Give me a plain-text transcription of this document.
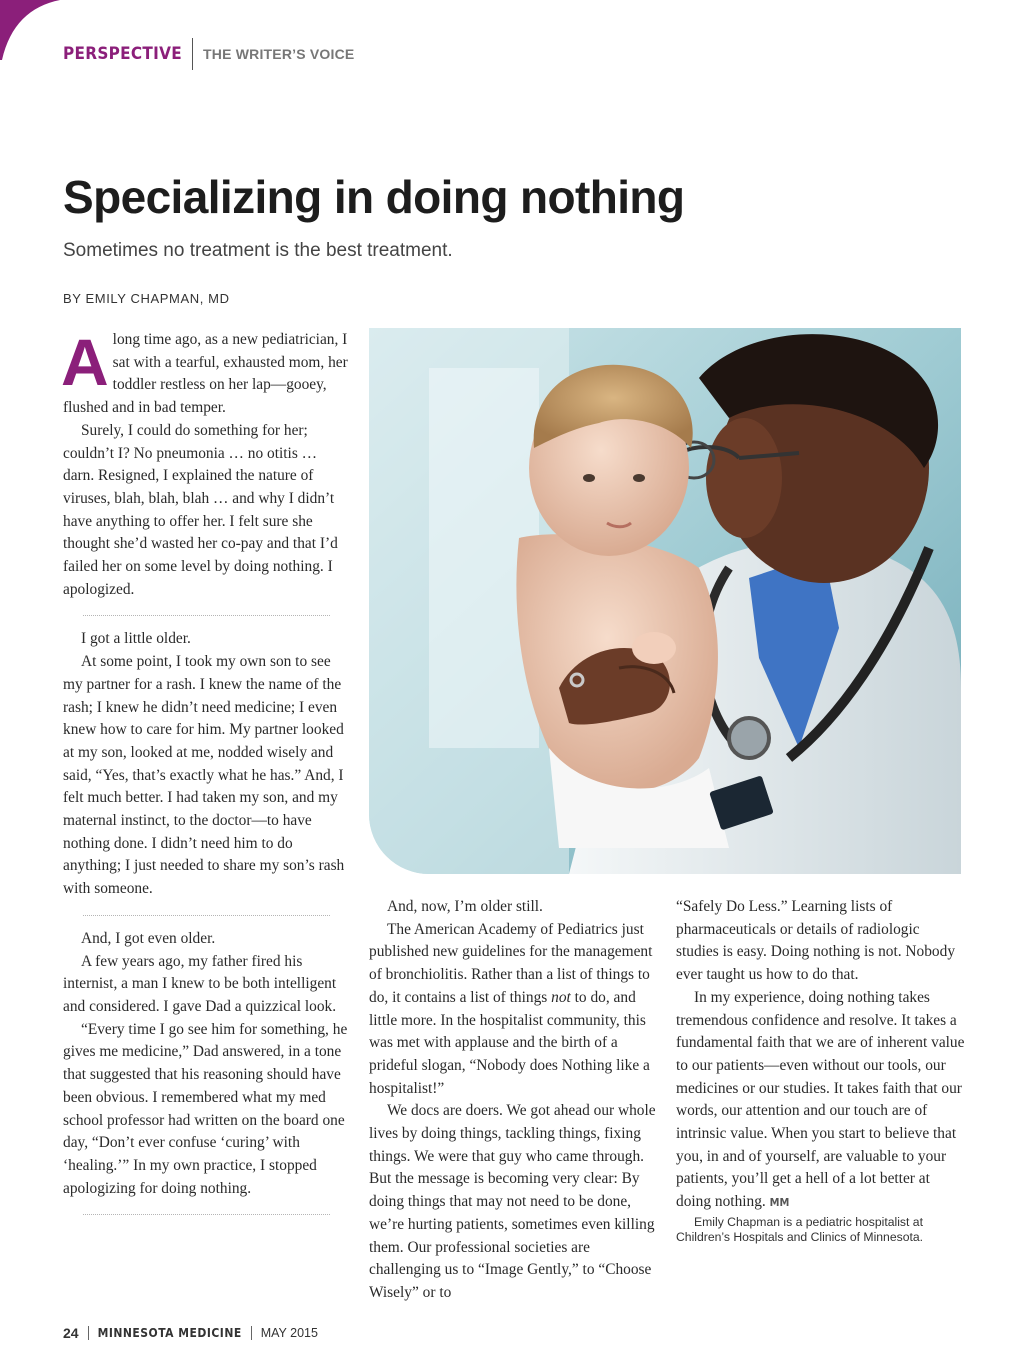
PERSPECTIVE THE WRITER’S VOICE
Specializing in doing nothing
Sometimes no treatment is the best treatment.
BY EMILY CHAPMAN, MD

Along time ago, as a new pediatrician, I sat with a tearful, exhausted mom, her toddler restless on her lap—gooey, flushed and in bad temper.

Surely, I could do something for her; couldn’t I? No pneumonia … no otitis … darn. Resigned, I explained the nature of viruses, blah, blah, blah … and why I didn’t have anything to offer her. I felt sure she thought she’d wasted her co-pay and that I’d failed her on some level by doing nothing. I apologized.

I got a little older.

At some point, I took my own son to see my partner for a rash. I knew the name of the rash; I knew he didn’t need medicine; I even knew how to care for him. My partner looked at my son, looked at me, nodded wisely and said, “Yes, that’s exactly what he has.” And, I felt much better. I had taken my son, and my maternal instinct, to the doctor—to have nothing done. I didn’t need him to do anything; I just needed to share my son’s rash with someone.

And, I got even older.

A few years ago, my father fired his internist, a man I knew to be both intelligent and considered. I gave Dad a quizzical look.

“Every time I go see him for something, he gives me medicine,” Dad answered, in a tone that suggested that his reasoning should have been obvious. I remembered what my med school professor had written on the board one day, “Don’t ever confuse ‘curing’ with ‘healing.’” In my own practice, I stopped apologizing for doing nothing.

And, now, I’m older still.

The American Academy of Pediatrics just published new guidelines for the management of bronchiolitis. Rather than a list of things to do, it contains a list of things not to do, and little more. In the hospitalist community, this was met with applause and the birth of a prideful slogan, “Nobody does Nothing like a hospitalist!”

We docs are doers. We got ahead our whole lives by doing things, tackling things, fixing things. We were that guy who came through. But the message is becoming very clear: By doing things that may not need to be done, we’re hurting patients, sometimes even killing them. Our professional societies are challenging us to “Image Gently,” to “Choose Wisely” or to

“Safely Do Less.” Learning lists of pharmaceuticals or details of radiologic studies is easy. Doing nothing is not. Nobody ever taught us how to do that.

In my experience, doing nothing takes tremendous confidence and resolve. It takes a fundamental faith that we are of inherent value to our patients—even without our tools, our medicines or our studies. It takes faith that our words, our attention and our touch are of intrinsic value. When you start to believe that you, in and of yourself, are valuable to your patients, you’ll get a hell of a lot better at doing nothing. MM

Emily Chapman is a pediatric hospitalist at Children’s Hospitals and Clinics of Minnesota.

24 MINNESOTA MEDICINE MAY 2015
